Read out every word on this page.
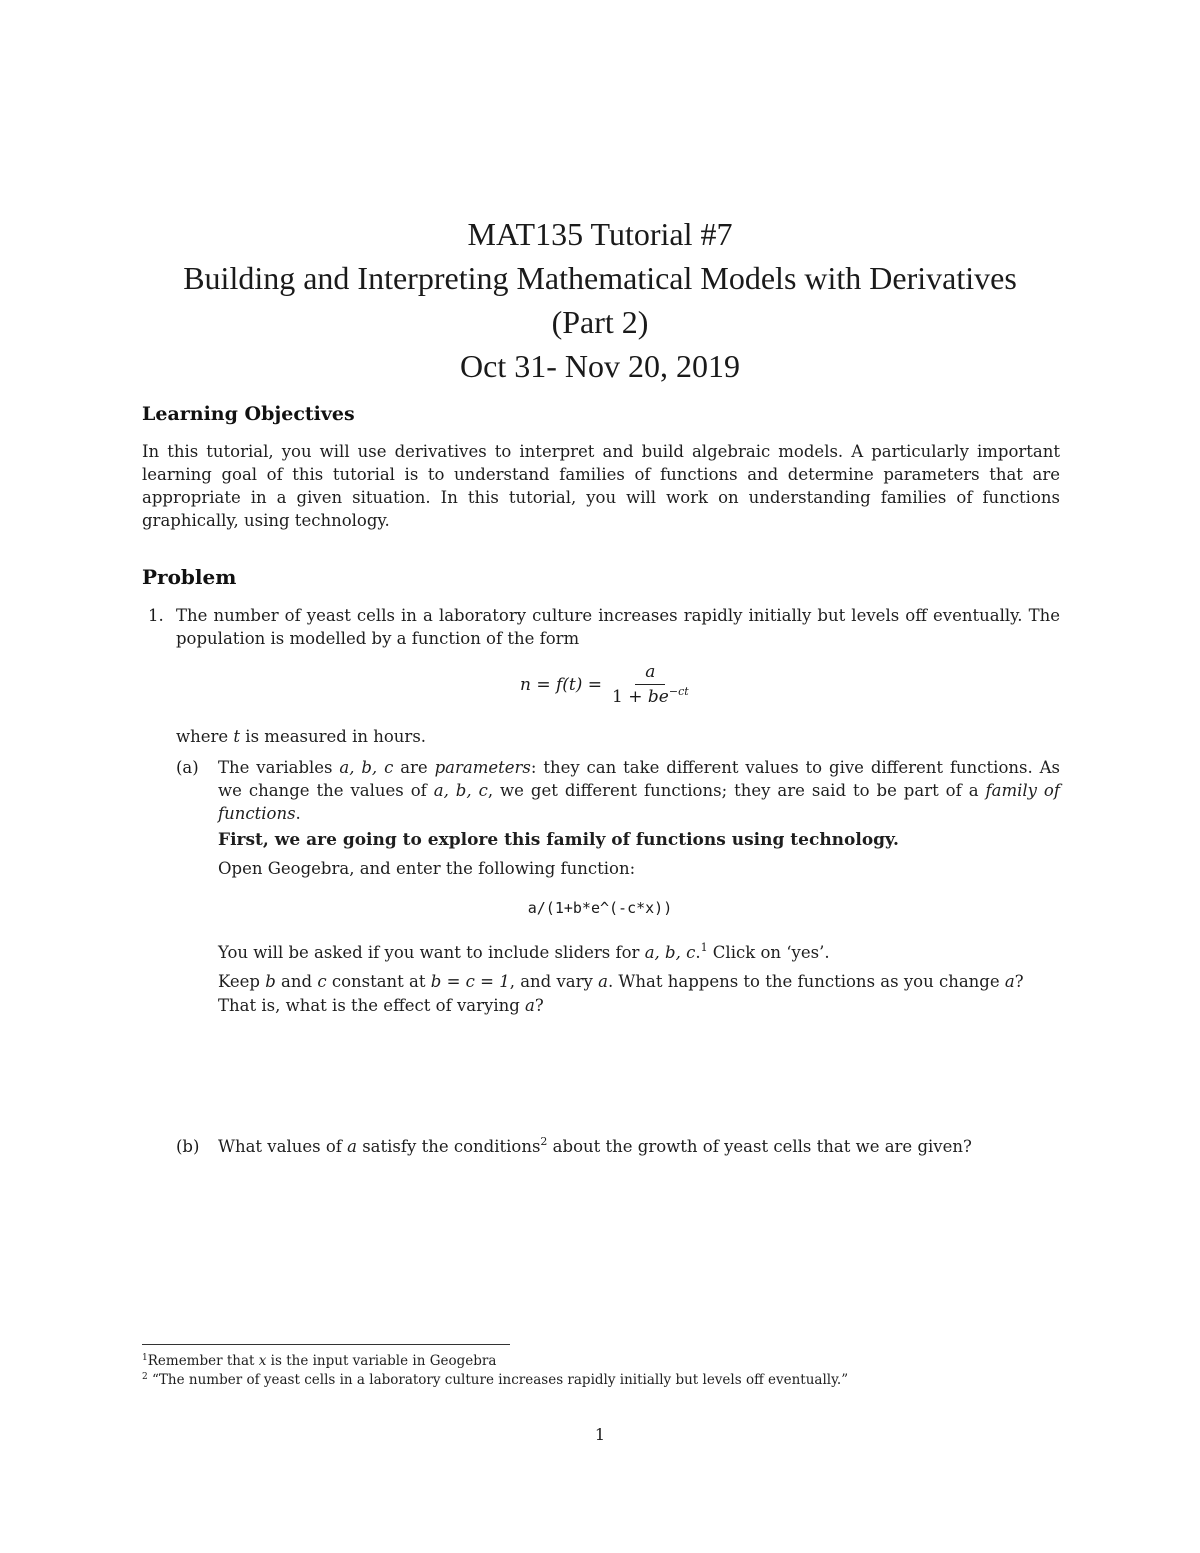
MAT135 Tutorial #7
Building and Interpreting Mathematical Models with Derivatives
(Part 2)
Oct 31- Nov 20, 2019
Learning Objectives
In this tutorial, you will use derivatives to interpret and build algebraic models. A particularly important learning goal of this tutorial is to understand families of functions and determine parameters that are appropriate in a given situation. In this tutorial, you will work on understanding families of functions graphically, using technology.
Problem
1. The number of yeast cells in a laboratory culture increases rapidly initially but levels off eventually. The population is modelled by a function of the form
$n = f(t) = \frac{a}{1 + be^{-ct}}$
where t is measured in hours.
(a) The variables a, b, c are parameters: they can take different values to give different functions. As we change the values of a, b, c, we get different functions; they are said to be part of a family of functions.
First, we are going to explore this family of functions using technology.
Open Geogebra, and enter the following function:
a/(1+b*e^(-c*x))
You will be asked if you want to include sliders for a, b, c.$^1$ Click on ‘yes’.
Keep b and c constant at b = c = 1, and vary a. What happens to the functions as you change a?
That is, what is the effect of varying a?
(b) What values of a satisfy the conditions$^2$ about the growth of yeast cells that we are given?
$^1$Remember that x is the input variable in Geogebra
$^2$ “The number of yeast cells in a laboratory culture increases rapidly initially but levels off eventually.”
1
